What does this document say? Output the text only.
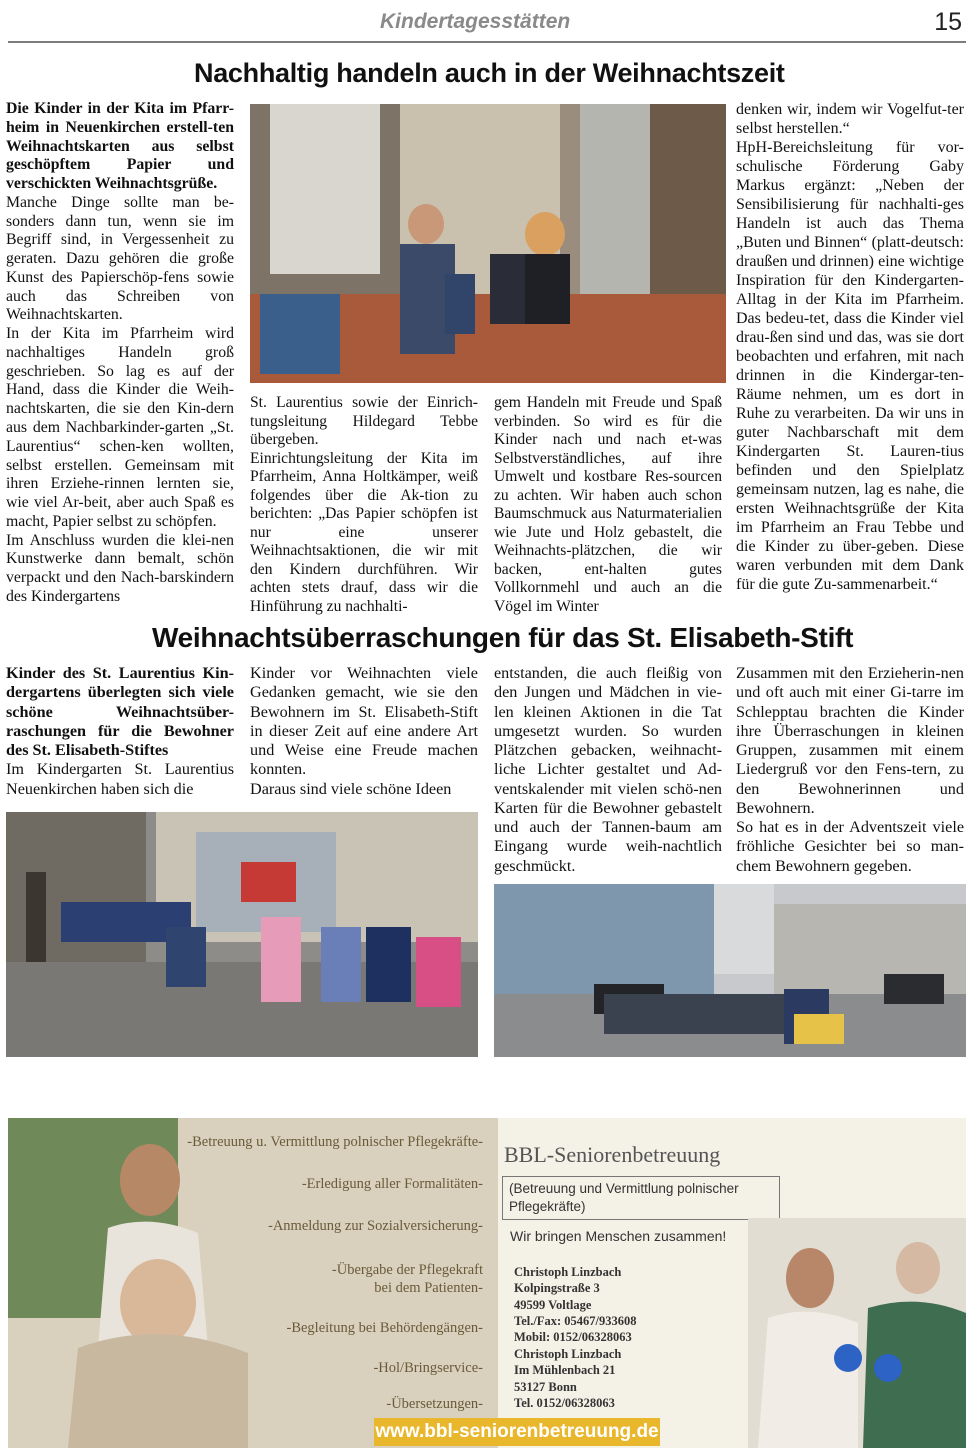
Kindertagesstätten	15
Nachhaltig handeln auch in der Weihnachtszeit

Die Kinder in der Kita im Pfarr-heim in Neuenkirchen erstell-ten Weihnachtskarten aus selbst geschöpftem Papier und verschickten Weihnachtsgrüße.

Manche Dinge sollte man be-sonders dann tun, wenn sie im Begriff sind, in Vergessenheit zu geraten. Dazu gehören die große Kunst des Papierschöp-fens sowie auch das Schreiben von Weihnachtskarten.

In der Kita im Pfarrheim wird nachhaltiges Handeln groß geschrieben. So lag es auf der Hand, dass die Kinder die Weih-nachtskarten, die sie den Kin-dern aus dem Nachbarkinder-garten „St. Laurentius“ schen-ken wollten, selbst erstellen. Gemeinsam mit ihren Erziehe-rinnen lernten sie, wie viel Ar-beit, aber auch Spaß es macht, Papier selbst zu schöpfen.

Im Anschluss wurden die klei-nen Kunstwerke dann bemalt, schön verpackt und den Nach-barskindern des Kindergartens

St. Laurentius sowie der Einrich-tungsleitung Hildegard Tebbe übergeben.

Einrichtungsleitung der Kita im Pfarrheim, Anna Holtkämper, weiß folgendes über die Ak-tion zu berichten: „Das Papier schöpfen ist nur eine unserer Weihnachtsaktionen, die wir mit den Kindern durchführen. Wir achten stets drauf, dass wir die Hinführung zu nachhalti-

gem Handeln mit Freude und Spaß verbinden. So wird es für die Kinder nach und nach et-was Selbstverständliches, auf ihre Umwelt und kostbare Res-sourcen zu achten. Wir haben auch schon Baumschmuck aus Naturmaterialien wie Jute und Holz gebastelt, die Weihnachts-plätzchen, die wir backen, ent-halten gutes Vollkornmehl und auch an die Vögel im Winter

denken wir, indem wir Vogelfut-ter selbst herstellen.“

HpH-Bereichsleitung für vor-schulische Förderung Gaby Markus ergänzt: „Neben der Sensibilisierung für nachhalti-ges Handeln ist auch das Thema „Buten und Binnen“ (platt-deutsch: draußen und drinnen) eine wichtige Inspiration für den Kindergarten-Alltag in der Kita im Pfarrheim. Das bedeu-tet, dass die Kinder viel drau-ßen sind und das, was sie dort beobachten und erfahren, mit nach drinnen in die Kindergar-ten-Räume nehmen, um es dort in Ruhe zu verarbeiten. Da wir uns in guter Nachbarschaft mit dem Kindergarten St. Lauren-tius befinden und den Spielplatz gemeinsam nutzen, lag es nahe, die ersten Weihnachtsgrüße der Kita im Pfarrheim an Frau Tebbe und die Kinder zu über-geben. Diese waren verbunden mit dem Dank für die gute Zu-sammenarbeit.“

Weihnachtsüberraschungen für das St. Elisabeth-Stift

Kinder des St. Laurentius Kin-dergartens überlegten sich viele schöne Weihnachtsüber-raschungen für die Bewohner des St. Elisabeth-Stiftes

Im Kindergarten St. Laurentius Neuenkirchen haben sich die

Kinder vor Weihnachten viele Gedanken gemacht, wie sie den Bewohnern im St. Elisabeth-Stift in dieser Zeit auf eine andere Art und Weise eine Freude machen konnten.

Daraus sind viele schöne Ideen

entstanden, die auch fleißig von den Jungen und Mädchen in vie-len kleinen Aktionen in die Tat umgesetzt wurden. So wurden Plätzchen gebacken, weihnacht-liche Lichter gestaltet und Ad-ventskalender mit vielen schö-nen Karten für die Bewohner gebastelt und auch der Tannen-baum am Eingang wurde weih-nachtlich geschmückt.

Zusammen mit den Erzieherin-nen und oft auch mit einer Gi-tarre im Schlepptau brachten die Kinder ihre Überraschungen in kleinen Gruppen, zusammen mit einem Liedergruß vor den Fens-tern, zu den Bewohnerinnen und Bewohnern.

So hat es in der Adventszeit viele fröhliche Gesichter bei so man-chem Bewohnern gegeben.

-Betreuung u. Vermittlung polnischer Pflegekräfte-
-Erledigung aller Formalitäten-
-Anmeldung zur Sozialversicherung-
-Übergabe der Pflegekraft
bei dem Patienten-
-Begleitung bei Behördengängen-
-Hol/Bringservice-
-Übersetzungen-
BBL-Seniorenbetreuung
(Betreuung und Vermittlung polnischer Pflegekräfte)
Wir bringen Menschen zusammen!
Christoph Linzbach
Kolpingstraße 3
49599 Voltlage
Tel./Fax: 05467/933608
Mobil: 0152/06328063
Christoph Linzbach
Im Mühlenbach 21
53127 Bonn
Tel. 0152/06328063
www.bbl-seniorenbetreuung.de
